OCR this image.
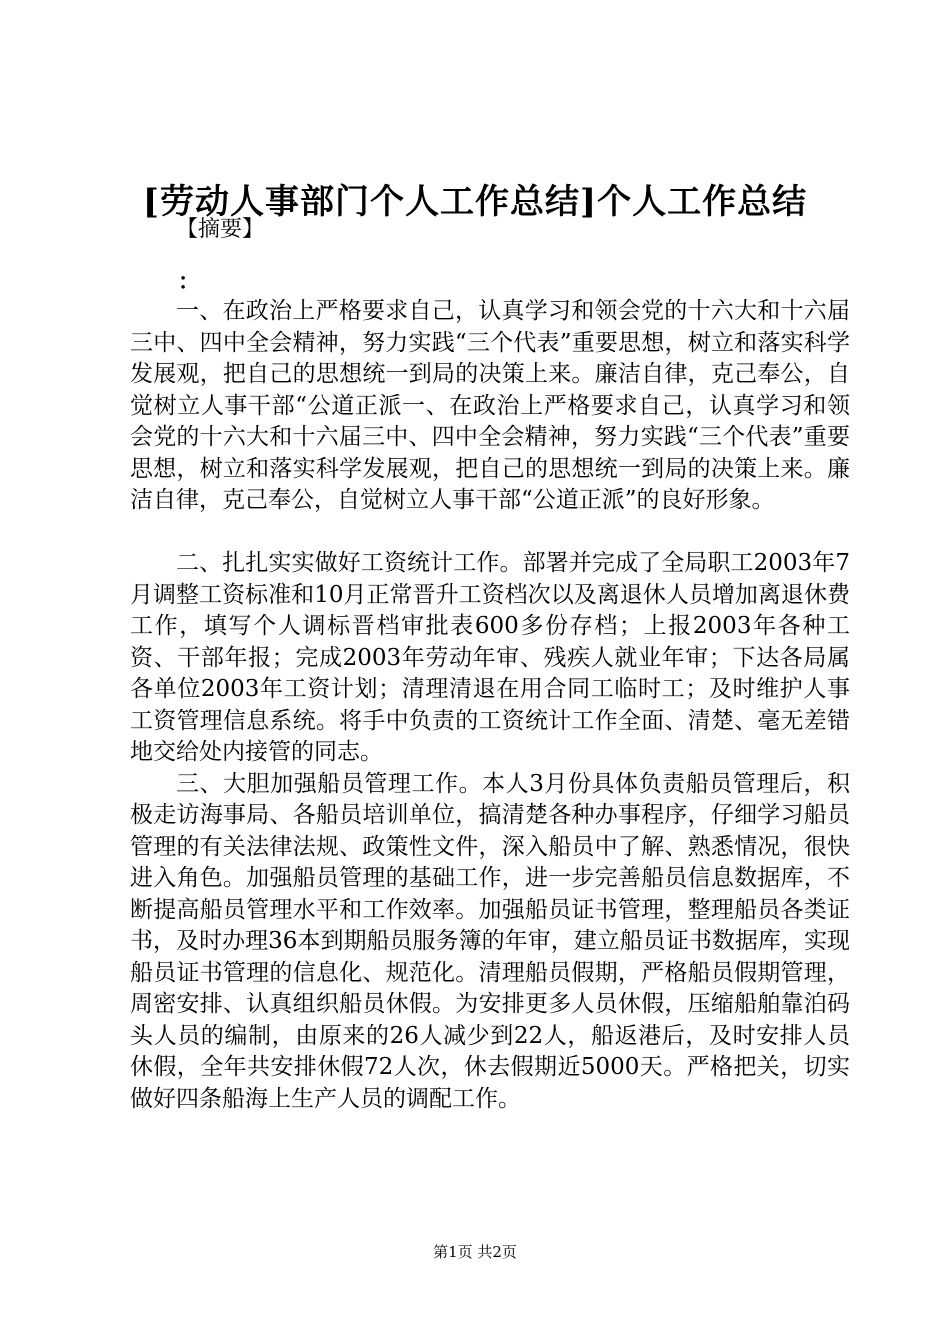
[劳动人事部门个人工作总结]个人工作总结
【摘要】
：

一、在政治上严格要求自己，认真学习和领会党的十六大和十六届三中、四中全会精神，努力实践“三个代表”重要思想，树立和落实科学发展观，把自己的思想统一到局的决策上来。廉洁自律，克己奉公，自觉树立人事干部“公道正派一、在政治上严格要求自己，认真学习和领会党的十六大和十六届三中、四中全会精神，努力实践“三个代表”重要思想，树立和落实科学发展观，把自己的思想统一到局的决策上来。廉洁自律，克己奉公，自觉树立人事干部“公道正派”的良好形象。

二、扎扎实实做好工资统计工作。部署并完成了全局职工2003年7月调整工资标准和10月正常晋升工资档次以及离退休人员增加离退休费工作，填写个人调标晋档审批表600多份存档；上报2003年各种工资、干部年报；完成2003年劳动年审、残疾人就业年审；下达各局属各单位2003年工资计划；清理清退在用合同工临时工；及时维护人事工资管理信息系统。将手中负责的工资统计工作全面、清楚、毫无差错地交给处内接管的同志。

三、大胆加强船员管理工作。本人3月份具体负责船员管理后，积极走访海事局、各船员培训单位，搞清楚各种办事程序，仔细学习船员管理的有关法律法规、政策性文件，深入船员中了解、熟悉情况，很快进入角色。加强船员管理的基础工作，进一步完善船员信息数据库，不断提高船员管理水平和工作效率。加强船员证书管理，整理船员各类证书，及时办理36本到期船员服务簿的年审，建立船员证书数据库，实现船员证书管理的信息化、规范化。清理船员假期，严格船员假期管理，周密安排、认真组织船员休假。为安排更多人员休假，压缩船舶靠泊码头人员的编制，由原来的26人减少到22人，船返港后，及时安排人员休假，全年共安排休假72人次，休去假期近5000天。严格把关，切实做好四条船海上生产人员的调配工作。

第1页 共2页
